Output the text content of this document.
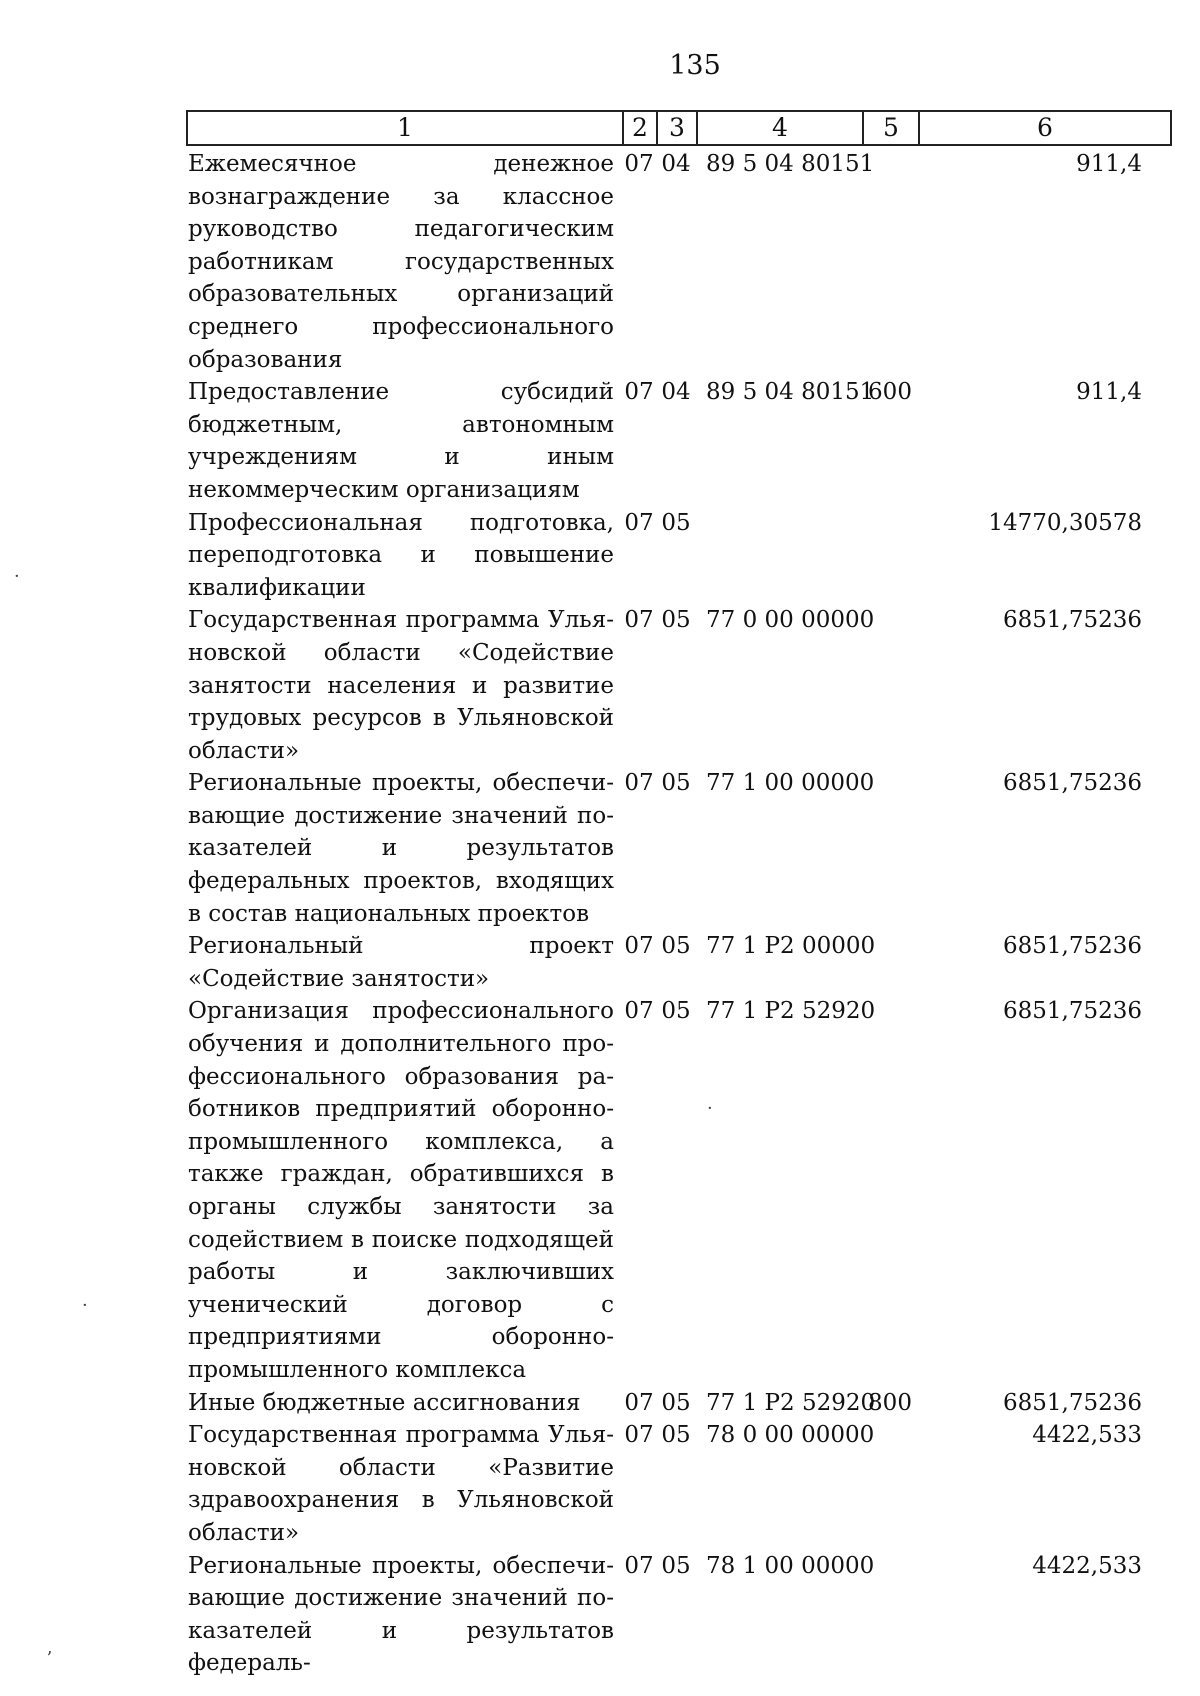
135
1	2	3	4	5	6
Ежемесячное денежное вознаграждение за классное руководство педагогическим работникам государственных образовательных организаций среднего профессионального образования	07	04	89 5 04 80151		911,4
Предоставление субсидий бюджетным, автономным учреждениям и иным некоммерческим организациям	07	04	89 5 04 80151	600	911,4
Профессиональная подготовка, переподготовка и повышение квалификации	07	05			14770,30578
Государственная программа Ульяновской области «Содействие занятости населения и развитие трудовых ресурсов в Ульяновской области»	07	05	77 0 00 00000		6851,75236
Региональные проекты, обеспечивающие достижение значений показателей и результатов федеральных проектов, входящих в состав национальных проектов	07	05	77 1 00 00000		6851,75236
Региональный проект «Содействие занятости»	07	05	77 1 Р2 00000		6851,75236
Организация профессионального обучения и дополнительного профессионального образования работников предприятий оборонно-промышленного комплекса, а также граждан, обратившихся в органы службы занятости за содействием в поиске подходящей работы и заключивших ученический договор с предприятиями оборонно-промышленного комплекса	07	05	77 1 Р2 52920		6851,75236
Иные бюджетные ассигнования	07	05	77 1 Р2 52920	800	6851,75236
Государственная программа Ульяновской области «Развитие здравоохранения в Ульяновской области»	07	05	78 0 00 00000		4422,533
Региональные проекты, обеспечивающие достижение значений показателей и результатов федераль-	07	05	78 1 00 00000		4422,533
·
·
ʼ
·
